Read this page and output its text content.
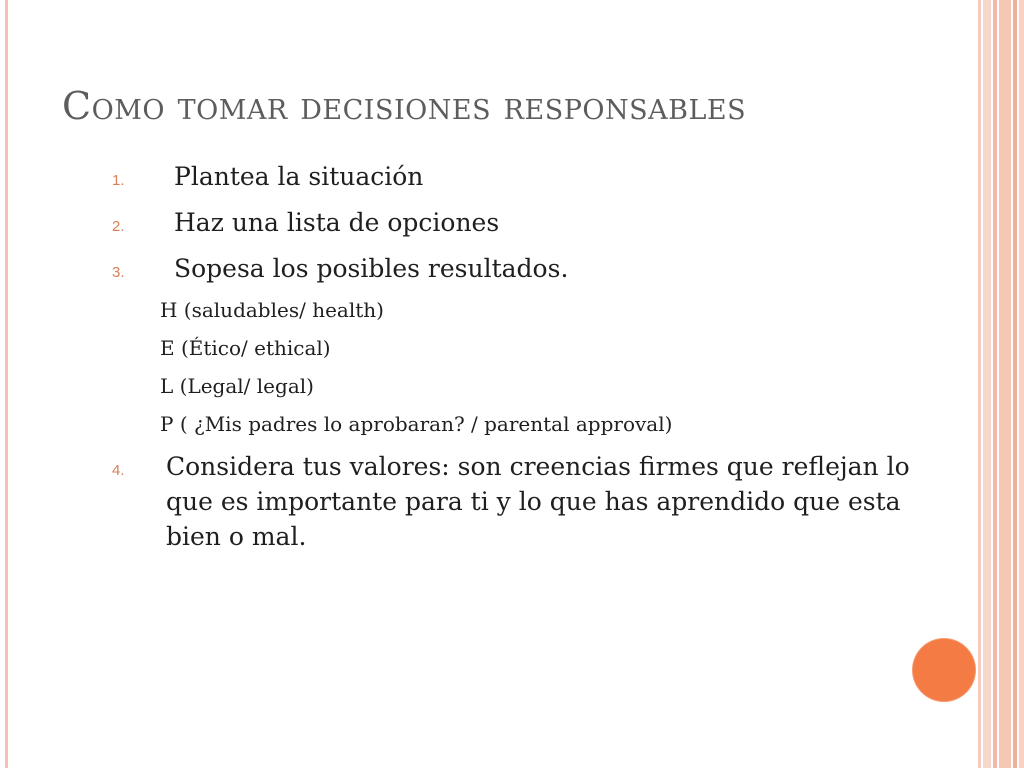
Como tomar decisiones responsables
1.	Plantea la situación
2.	Haz una lista de opciones
3.	Sopesa los posibles resultados.
H (saludables/ health)
E (Ético/ ethical)
L (Legal/ legal)
P ( ¿Mis padres lo aprobaran? / parental approval)
4.	Considera tus valores: son creencias firmes que reflejan lo que es importante para ti y lo que has aprendido que esta bien o mal.
